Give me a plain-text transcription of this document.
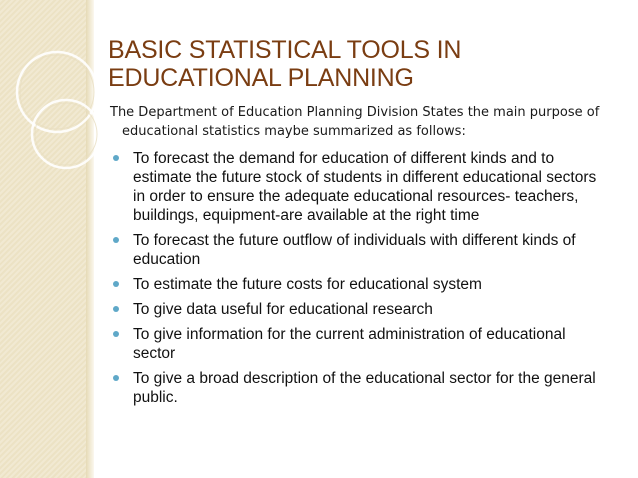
BASIC STATISTICAL TOOLS IN
EDUCATIONAL PLANNING
The Department of Education Planning Division States the main purpose of educational statistics maybe summarized as follows:
To forecast the demand for education of different kinds and to estimate the future stock of students in different educational sectors in order to ensure the adequate educational resources- teachers, buildings, equipment-are available at the right time
To forecast the future outflow of individuals with different kinds of education
To estimate the future costs for educational system
To give data useful for educational research
To give information for the current administration of educational sector
To give a broad description of the educational sector for the general public.
